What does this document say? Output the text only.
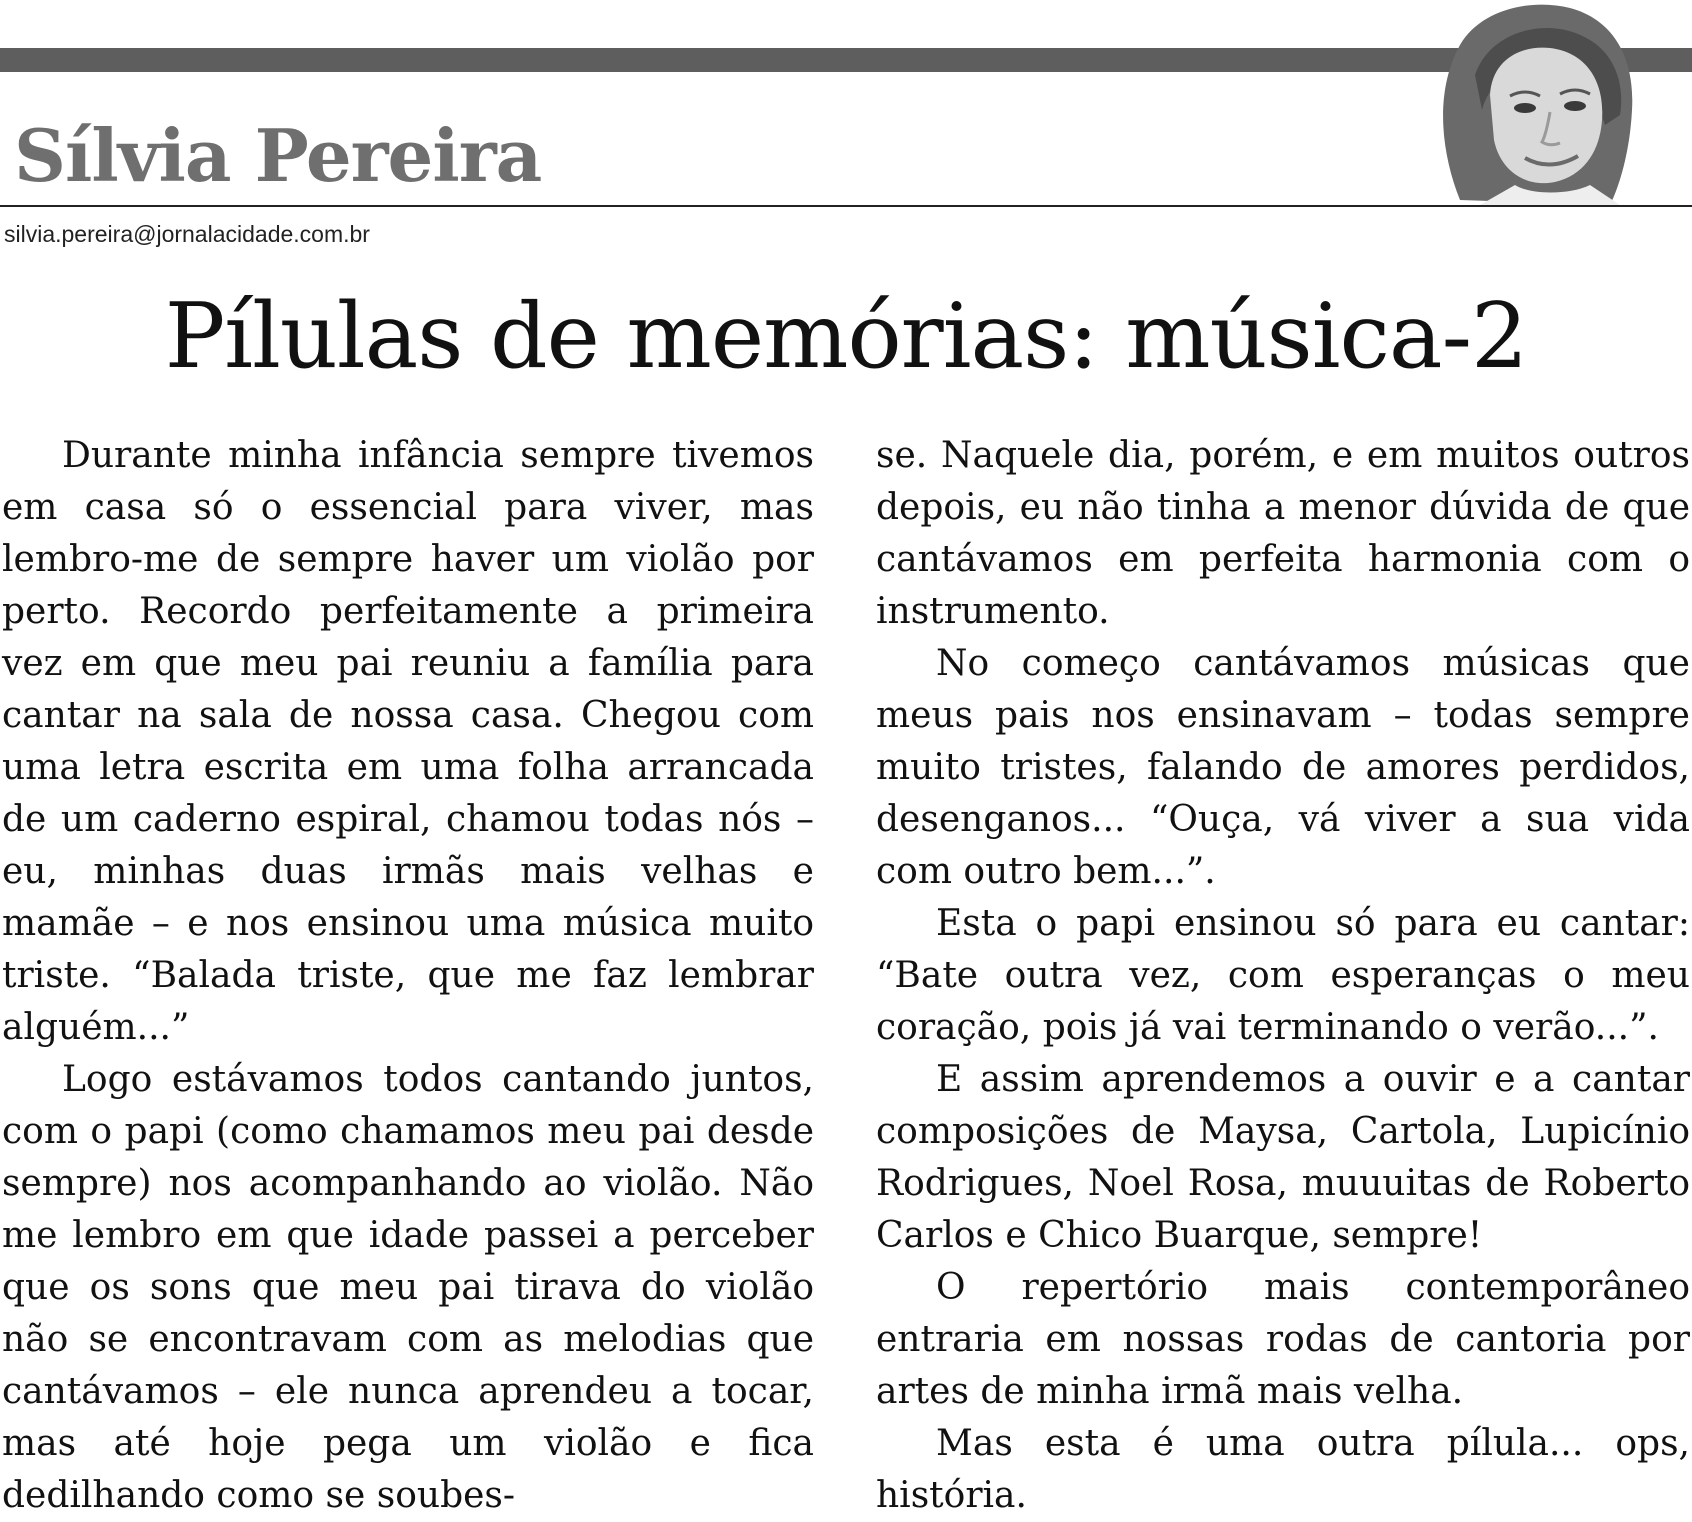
Sílvia Pereira
silvia.pereira@jornalacidade.com.br
Pílulas de memórias: música-2

Durante minha infância sempre tivemos em casa só o essencial para viver, mas lembro-me de sempre haver um violão por perto. Recordo perfeitamente a primeira vez em que meu pai reuniu a família para cantar na sala de nossa casa. Chegou com uma letra escrita em uma folha arrancada de um caderno espiral, chamou todas nós – eu, minhas duas irmãs mais velhas e mamãe – e nos ensinou uma música muito triste. “Balada triste, que me faz lembrar alguém...”

Logo estávamos todos cantando juntos, com o papi (como chamamos meu pai desde sempre) nos acompanhando ao violão. Não me lembro em que idade passei a perceber que os sons que meu pai tirava do violão não se encontravam com as melodias que cantávamos – ele nunca aprendeu a tocar, mas até hoje pega um violão e fica dedilhando como se soubes-

se. Naquele dia, porém, e em muitos outros depois, eu não tinha a menor dúvida de que cantávamos em perfeita harmonia com o instrumento.

No começo cantávamos músicas que meus pais nos ensinavam – todas sempre muito tristes, falando de amores perdidos, desenganos... “Ouça, vá viver a sua vida com outro bem...”.

Esta o papi ensinou só para eu cantar: “Bate outra vez, com esperanças o meu coração, pois já vai terminando o verão...”.

E assim aprendemos a ouvir e a cantar composições de Maysa, Cartola, Lupicínio Rodrigues, Noel Rosa, muuuitas de Roberto Carlos e Chico Buarque, sempre!

O repertório mais contemporâneo entraria em nossas rodas de cantoria por artes de minha irmã mais velha.

Mas esta é uma outra pílula... ops, história.
